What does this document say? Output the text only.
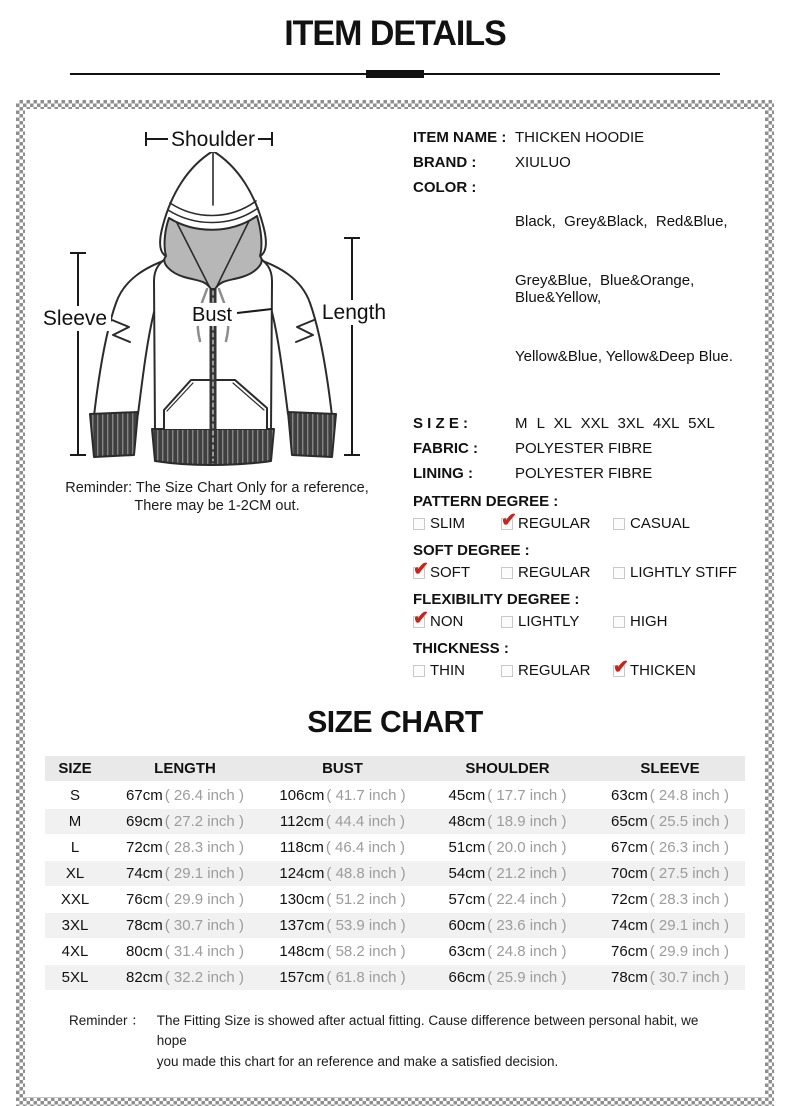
ITEM DETAILS
Shoulder
Sleeve	Length
Bust
Reminder: The Size Chart Only for a reference,
There may be 1-2CM out.
ITEM NAME : THICKEN HOODIE
BRAND :	XIULUO
COLOR :

Black,  Grey&Black,  Red&Blue,

Grey&Blue,  Blue&Orange, Blue&Yellow,

Yellow&Blue, Yellow&Deep Blue.

S I Z E :	M L XL XXL 3XL 4XL 5XL
FABRIC :	POLYESTER FIBRE
LINING :	POLYESTER FIBRE
PATTERN DEGREE :
SLIM ✔	REGULAR	CASUAL
SOFT DEGREE :
✔
SOFT	REGULAR	LIGHTLY STIFF
FLEXIBILITY DEGREE :
✔
NON	LIGHTLY	HIGH
THICKNESS :
THIN	REGULAR ✔	THICKEN
SIZE CHART
SIZE	LENGTH	BUST	SHOULDER	SLEEVE
S	67cm ( 26.4 inch )	106cm ( 41.7 inch )	45cm ( 17.7 inch )	63cm ( 24.8 inch )
M	69cm ( 27.2 inch )	112cm ( 44.4 inch )	48cm ( 18.9 inch )	65cm ( 25.5 inch )
L	72cm ( 28.3 inch )	118cm ( 46.4 inch )	51cm ( 20.0 inch )	67cm ( 26.3 inch )
XL	74cm ( 29.1 inch )	124cm ( 48.8 inch )	54cm ( 21.2 inch )	70cm ( 27.5 inch )
XXL	76cm ( 29.9 inch )	130cm ( 51.2 inch )	57cm ( 22.4 inch )	72cm ( 28.3 inch )
3XL	78cm ( 30.7 inch )	137cm ( 53.9 inch )	60cm ( 23.6 inch )	74cm ( 29.1 inch )
4XL	80cm ( 31.4 inch )	148cm ( 58.2 inch )	63cm ( 24.8 inch )	76cm ( 29.9 inch )
5XL	82cm ( 32.2 inch )	157cm ( 61.8 inch )	66cm ( 25.9 inch )	78cm ( 30.7 inch )
Reminder ： The Fitting Size is showed after actual fitting. Cause difference between personal habit, we hope
you made this chart for an reference and make a satisfied decision.
